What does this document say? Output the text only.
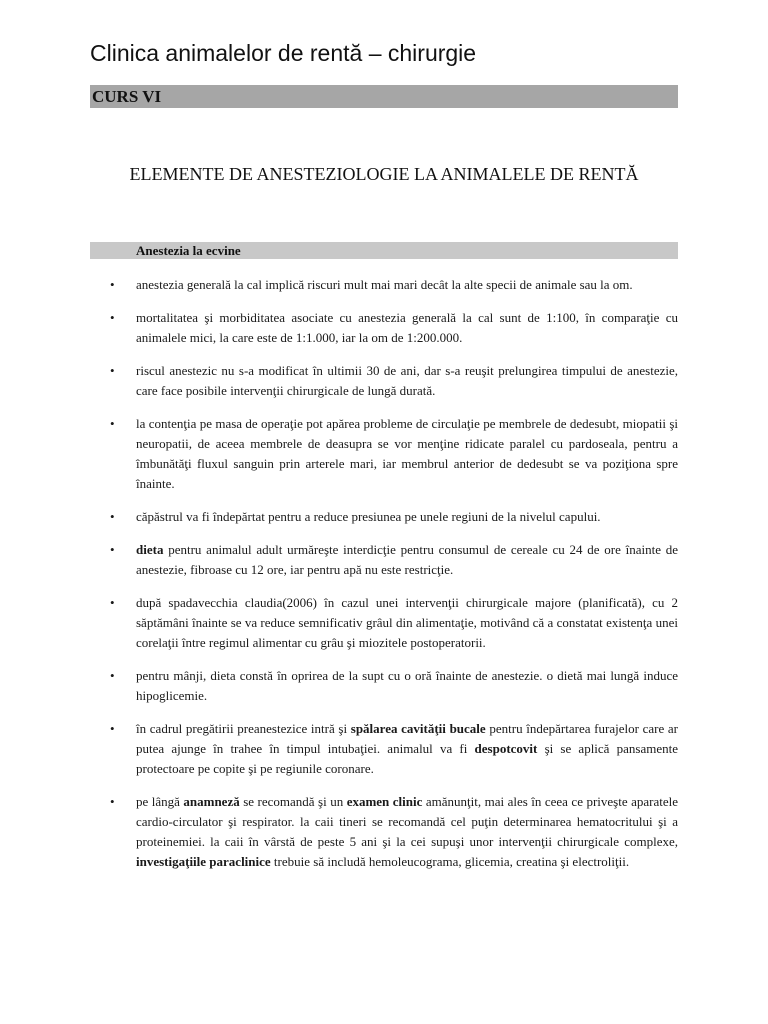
Clinica animalelor de rentă – chirurgie
CURS VI
ELEMENTE DE ANESTEZIOLOGIE LA ANIMALELE DE RENTĂ
Anestezia la ecvine
• anestezia generală la cal implică riscuri mult mai mari decât la alte specii de animale sau la om.
• mortalitatea şi morbiditatea asociate cu anestezia generală la cal sunt de 1:100, în comparaţie cu animalele mici, la care este de 1:1.000, iar la om de 1:200.000.
• riscul anestezic nu s-a modificat în ultimii 30 de ani, dar s-a reuşit prelungirea timpului de anestezie, care face posibile intervenţii chirurgicale de lungă durată.
• la contenţia pe masa de operaţie pot apărea probleme de circulaţie pe membrele de dedesubt, miopatii şi neuropatii, de aceea membrele de deasupra se vor menţine ridicate paralel cu pardoseala, pentru a îmbunătăţi fluxul sanguin prin arterele mari, iar membrul anterior de dedesubt se va poziţiona spre înainte.
• căpăstrul va fi îndepărtat pentru a reduce presiunea pe unele regiuni de la nivelul capului.
• dieta pentru animalul adult urmăreşte interdicţie pentru consumul de cereale cu 24 de ore înainte de anestezie, fibroase cu 12 ore, iar pentru apă nu este restricţie.
• după spadavecchia claudia(2006) în cazul unei intervenţii chirurgicale majore (planificată), cu 2 săptămâni înainte se va reduce semnificativ grâul din alimentaţie, motivând că a constatat existenţa unei corelaţii între regimul alimentar cu grâu şi miozitele postoperatorii.
• pentru mânji, dieta constă în oprirea de la supt cu o oră înainte de anestezie. o dietă mai lungă induce hipoglicemie.
• în cadrul pregătirii preanestezice intră şi spălarea cavităţii bucale pentru îndepărtarea furajelor care ar putea ajunge în trahee în timpul intubaţiei. animalul va fi despotcovit şi se aplică pansamente protectoare pe copite şi pe regiunile coronare.
• pe lângă anamneză se recomandă şi un examen clinic amănunţit, mai ales în ceea ce priveşte aparatele cardio-circulator şi respirator. la caii tineri se recomandă cel puţin determinarea hematocritului şi a proteinemiei. la caii în vârstă de peste 5 ani şi la cei supuşi unor intervenţii chirurgicale complexe, investigaţiile paraclinice trebuie să includă hemoleucograma, glicemia, creatina şi electroliţii.
